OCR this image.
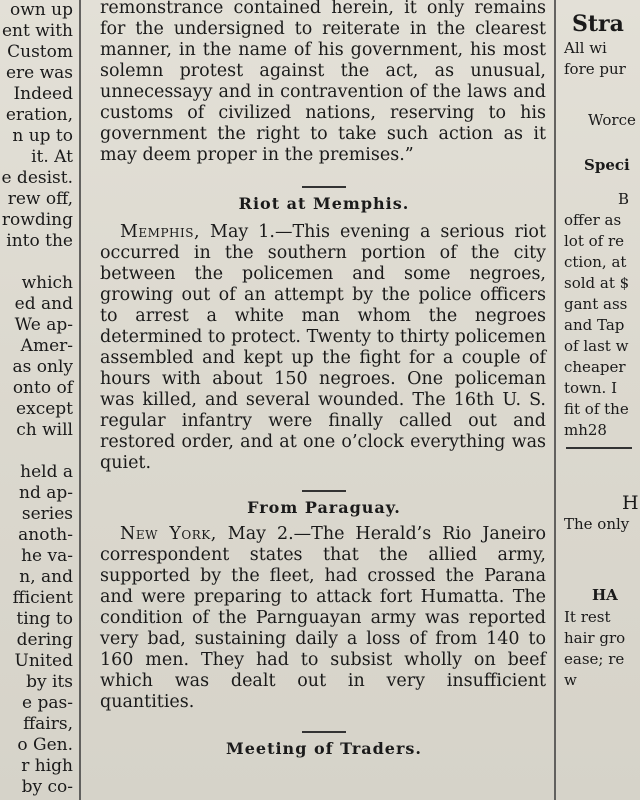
own up
ent with
Custom
ere was
Indeed
eration,
n up to
it. At
e desist.
rew off,
rowding
into the

which
ed and
We ap-
Amer-
as only
onto of
except
ch will

held a
nd ap-
series
anoth-
he va-
n, and
fficient
ting to
dering
United
by its
e pas-
ffairs,
o Gen.
r high
by co-

remonstrance contained herein, it only remains for the undersigned to reiterate in the clearest manner, in the name of his government, his most solemn protest against the act, as unusual, unnecessayy and in contravention of the laws and customs of civilized nations, reserving to his government the right to take such action as it may deem proper in the premises.”

Riot at Memphis.

Memphis, May 1.—This evening a serious riot occurred in the southern portion of the city between the policemen and some negroes, growing out of an attempt by the police officers to arrest a white man whom the negroes determined to protect. Twenty to thirty policemen assembled and kept up the fight for a couple of hours with about 150 negroes. One policeman was killed, and several wounded. The 16th U. S. regular infantry were finally called out and restored order, and at one o’clock everything was quiet.

From Paraguay.

New York, May 2.—The Herald’s Rio Janeiro correspondent states that the allied army, supported by the fleet, had crossed the Parana and were preparing to attack fort Humatta. The condition of the Parnguayan army was reported very bad, sustaining daily a loss of from 140 to 160 men. They had to subsist wholly on beef which was dealt out in very insufficient quantities.

Meeting of Traders.

Stra
All wi
fore pur
Worce
Speci
B
offer as
lot of re
ction, at
sold at $
gant ass
and Tap
of last w
cheaper
town. I
fit of the
mh28
H
The only
HA
It rest
hair gro
ease; re
w
